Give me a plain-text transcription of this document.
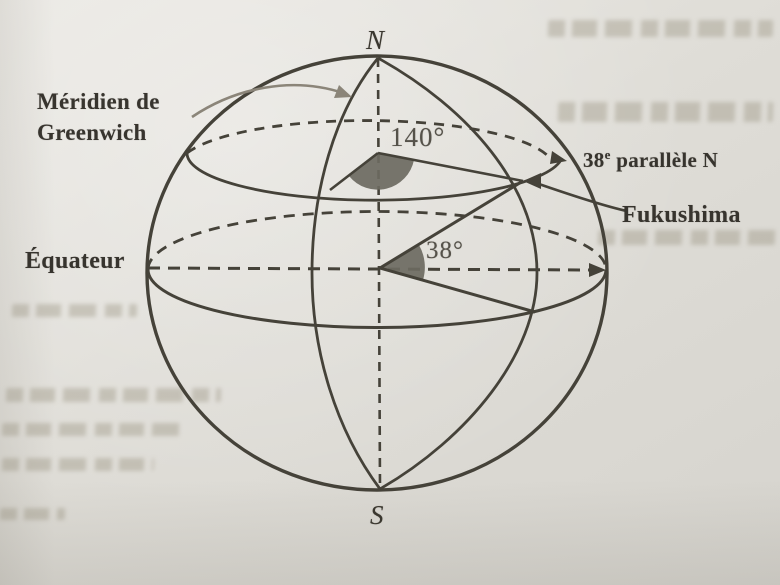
N
S
Méridien de
Greenwich
Équateur
140°
38°
38e parallèle N
Fukushima
